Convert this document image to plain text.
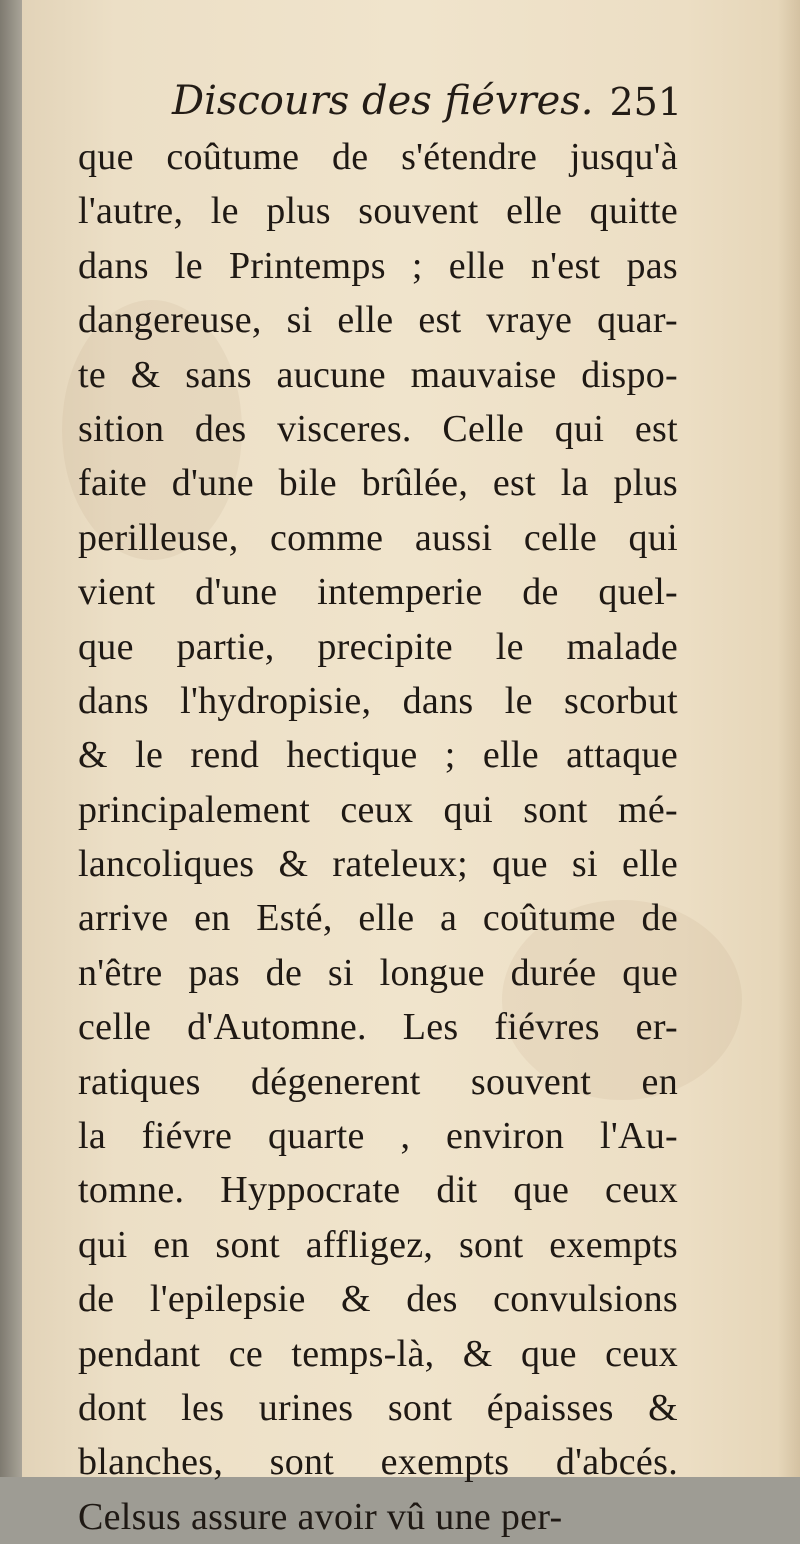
Discours des fiévres. 251
que coûtume de s'étendre jusqu'à
l'autre, le plus souvent elle quitte
dans le Printemps ; elle n'est pas
dangereuse, si elle est vraye quar-
te & sans aucune mauvaise dispo-
sition des visceres. Celle qui est
faite d'une bile brûlée, est la plus
perilleuse, comme aussi celle qui
vient d'une intemperie de quel-
que partie, precipite le malade
dans l'hydropisie, dans le scorbut
& le rend hectique ; elle attaque
principalement ceux qui sont mé-
lancoliques & rateleux; que si elle
arrive en Esté, elle a coûtume de
n'être pas de si longue durée que
celle d'Automne. Les fiévres er-
ratiques dégenerent souvent en
la fiévre quarte , environ l'Au-
tomne. Hyppocrate dit que ceux
qui en sont affligez, sont exempts
de l'epilepsie & des convulsions
pendant ce temps-là, & que ceux
dont les urines sont épaisses &
blanches, sont exempts d'abcés.
Celsus assure avoir vû une per-
